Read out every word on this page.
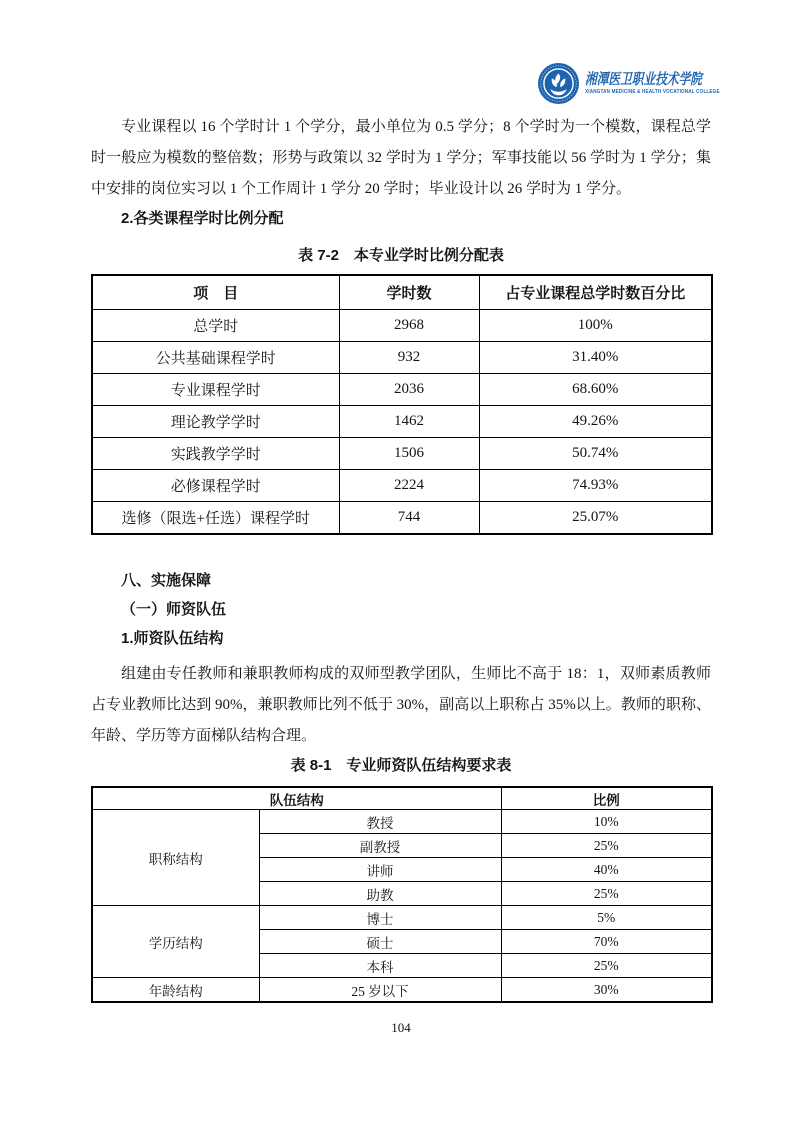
湘潭医卫职业技术学院
XIANGTAN MEDICINE & HEALTH VOCATIONAL COLLEGE

专业课程以 16 个学时计 1 个学分，最小单位为 0.5 学分；8 个学时为一个模数，课程总学时一般应为模数的整倍数；形势与政策以 32 学时为 1 学分；军事技能以 56 学时为 1 学分；集中安排的岗位实习以 1 个工作周计 1 学分 20 学时；毕业设计以 26 学时为 1 学分。

2.各类课程学时比例分配
表 7-2　本专业学时比例分配表
项　目	学时数	占专业课程总学时数百分比
总学时	2968	100%
公共基础课程学时	932	31.40%
专业课程学时	2036	68.60%
理论教学学时	1462	49.26%
实践教学学时	1506	50.74%
必修课程学时	2224	74.93%
选修（限选+任选）课程学时	744	25.07%
八、实施保障
（一）师资队伍
1.师资队伍结构

组建由专任教师和兼职教师构成的双师型教学团队，生师比不高于 18：1，双师素质教师占专业教师比达到 90%，兼职教师比列不低于 30%，副高以上职称占 35%以上。教师的职称、年龄、学历等方面梯队结构合理。

表 8-1　专业师资队伍结构要求表
队伍结构		比例
职称结构	教授	10%
	副教授	25%
	讲师	40%
	助教	25%
学历结构	博士	5%
	硕士	70%
	本科	25%
年龄结构	25 岁以下	30%
104
